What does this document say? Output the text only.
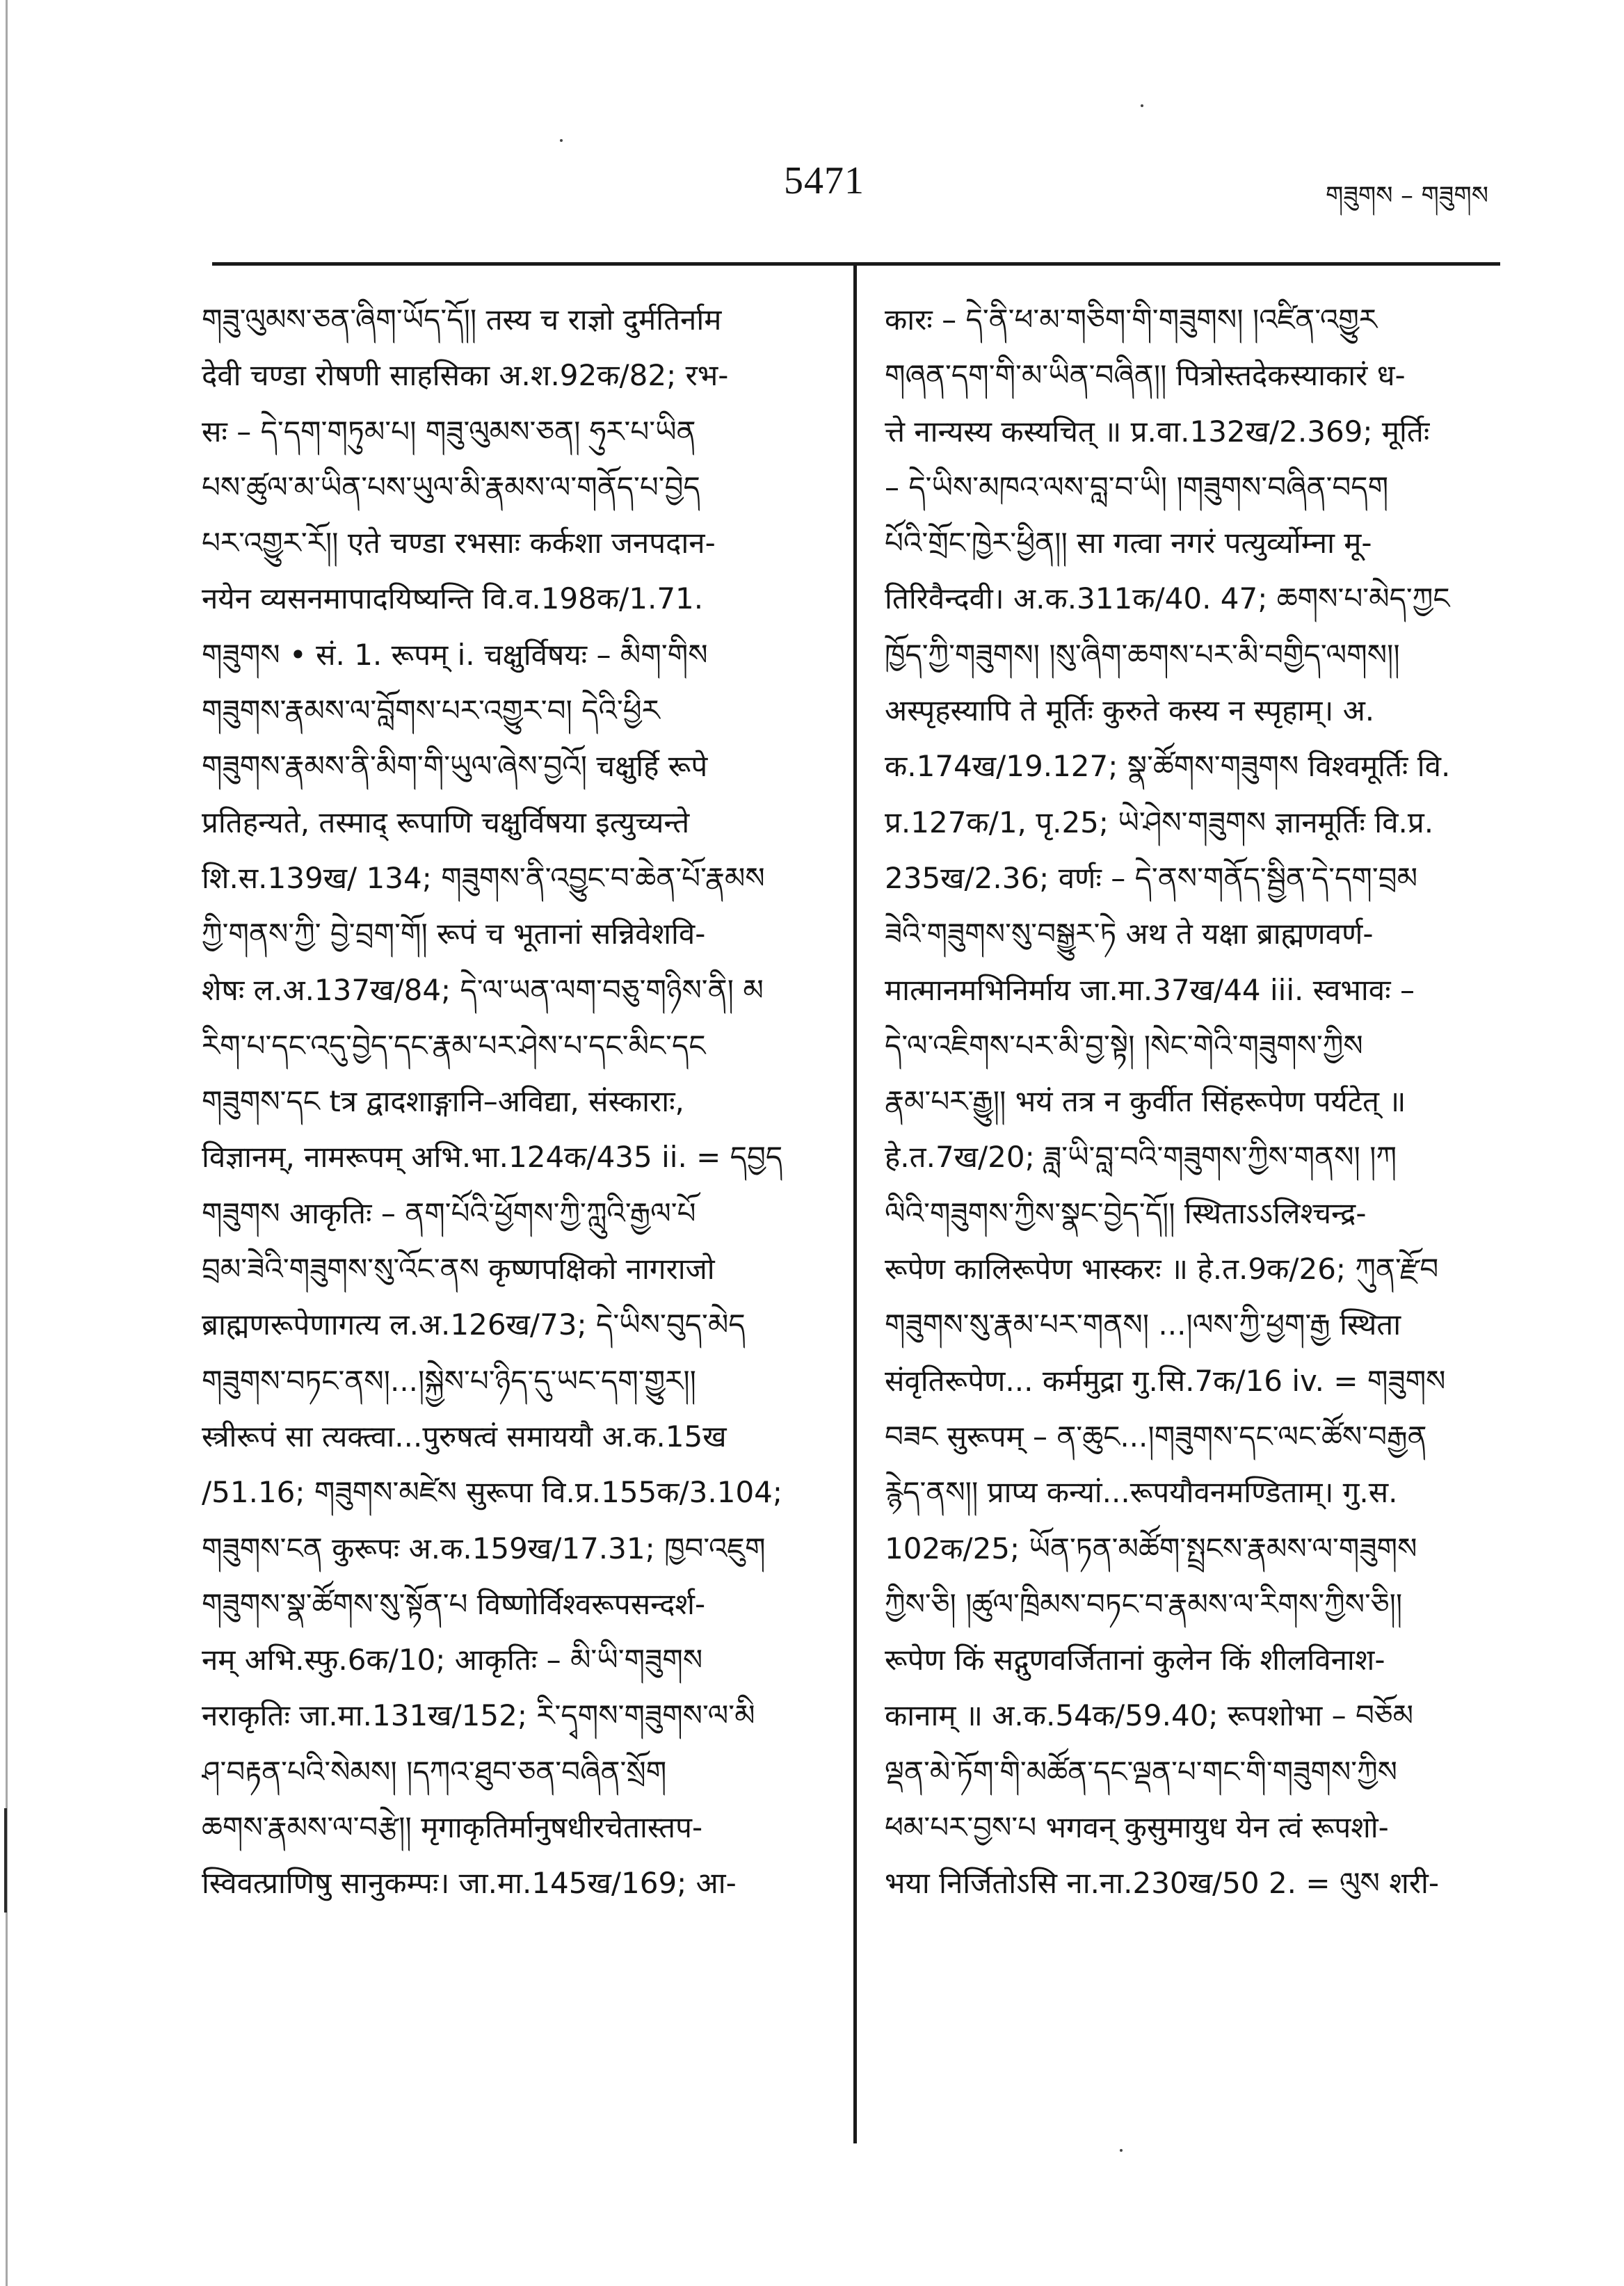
5471	གཟུགས – གཟུགས
གཟུ་ལུམས་ཅན་ཞིག་ཡོད་དོ།། तस्य च राज्ञो दुर्मतिर्नाम
देवी चण्डा रोषणी साहसिका अ.श.92क/82; रभ-
सः – དེ་དག་གཏུམ་པ། གཟུ་ལུམས་ཅན། ཧུར་པ་ཡིན
པས་ཚུལ་མ་ཡིན་པས་ཡུལ་མི་རྣམས་ལ་གནོད་པ་བྱེད
པར་འགྱུར་རོ།། एते चण्डा रभसाः कर्कशा जनपदान-
नयेन व्यसनमापादयिष्यन्ति वि.व.198क/1.71.
གཟུགས • सं. 1. रूपम् i. चक्षुर्विषयः – མིག་གིས
གཟུགས་རྣམས་ལ་བློགས་པར་འགྱུར་བ། དེའི་ཕྱིར
གཟུགས་རྣམས་ནི་མིག་གི་ཡུལ་ཞེས་བྱའོ། चक्षुर्हि रूपे
प्रतिहन्यते, तस्माद् रूपाणि चक्षुर्विषया इत्युच्यन्ते
शि.स.139ख/ 134; གཟུགས་ནི་འབྱུང་བ་ཆེན་པོ་རྣམས
ཀྱི་གནས་ཀྱི་ བྱེ་བྲག་གོ། रूपं च भूतानां सन्निवेशवि-
शेषः ल.अ.137ख/84; དེ་ལ་ཡན་ལག་བཅུ་གཉིས་ནི། མ
རིག་པ་དང་འདུ་བྱེད་དང་རྣམ་པར་ཤེས་པ་དང་མིང་དང
གཟུགས་དང tत्र द्वादशाङ्गानि–अविद्या, संस्काराः,
विज्ञानम्, नामरूपम् अभि.भा.124क/435 ii. = དབྱད
གཟུགས आकृतिः – ནག་པོའི་ཕྱོགས་ཀྱི་ཀླུའི་རྒྱལ་པོ
བྲམ་ཟེའི་གཟུགས་སུ་འོང་ནས कृष्णपक्षिको नागराजो
ब्राह्मणरूपेणागत्य ल.अ.126ख/73; དེ་ཡིས་བུད་མེད
གཟུགས་བཏང་ནས།...།སྐྱེས་པ་ཉིད་དུ་ཡང་དག་གྱུར།།
स्त्रीरूपं सा त्यक्त्वा...पुरुषत्वं समाययौ अ.क.15ख
/51.16; གཟུགས་མཛེས सुरूपा वि.प्र.155क/3.104;
གཟུགས་ངན कुरूपः अ.क.159ख/17.31; ཁྱབ་འཇུག
གཟུགས་སྣ་ཚོགས་སུ་སྟོན་པ विष्णोर्विश्वरूपसन्दर्श-
नम् अभि.स्फु.6क/10; आकृतिः – མི་ཡི་གཟུགས
नराकृतिः जा.मा.131ख/152; རི་དྭགས་གཟུགས་ལ་མི
ཤ་བརྟན་པའི་སེམས། །དཀའ་ཐུབ་ཅན་བཞིན་སྲོག
ཆགས་རྣམས་ལ་བརྩེ།། मृगाकृतिर्मानुषधीरचेतास्तप-
स्विवत्प्राणिषु सानुकम्पः। जा.मा.145ख/169; आ-
कारः – དེ་ནི་ཕ་མ་གཅིག་གི་གཟུགས། །འཛིན་འགྱུར
གཞན་དག་གི་མ་ཡིན་བཞིན།། पित्रोस्तदेकस्याकारं ध-
त्ते नान्यस्य कस्यचित् ॥ प्र.वा.132ख/2.369; मूर्तिः
– དེ་ཡིས་མཁའ་ལས་བླ་བ་ཡི། །གཟུགས་བཞིན་བདག
པོའི་གྲོང་ཁྱེར་ཕྱིན།། सा गत्वा नगरं पत्युर्व्योम्ना मू-
तिरिवैन्दवी। अ.क.311क/40. 47; ཆགས་པ་མེད་ཀྱང
ཁྱོད་ཀྱི་གཟུགས། །སུ་ཞིག་ཆགས་པར་མི་བགྱིད་ལགས།།
अस्पृहस्यापि ते मूर्तिः कुरुते कस्य न स्पृहाम्। अ.
क.174ख/19.127; སྣ་ཚོགས་གཟུགས विश्वमूर्तिः वि.
प्र.127क/1, पृ.25; ཡེ་ཤེས་གཟུགས ज्ञानमूर्तिः वि.प्र.
235ख/2.36; वर्णः – དེ་ནས་གནོད་སྦྱིན་དེ་དག་བྲམ
ཟེའི་གཟུགས་སུ་བསྒྱུར་ཏེ अथ ते यक्षा ब्राह्मणवर्ण-
मात्मानमभिनिर्माय जा.मा.37ख/44 iii. स्वभावः –
དེ་ལ་འཇིགས་པར་མི་བྱ་སྟེ། །སེང་གེའི་གཟུགས་ཀྱིས
རྣམ་པར་རྒྱུ།། भयं तत्र न कुर्वीत सिंहरूपेण पर्यटेत् ॥
हे.त.7ख/20; ཟླ་ཡི་བླ་བའི་གཟུགས་ཀྱིས་གནས། །ཀ
ལིའི་གཟུགས་ཀྱིས་སྣང་བྱེད་དོ།། स्थिताऽऽलिश्चन्द्र-
रूपेण कालिरूपेण भास्करः ॥ हे.त.9क/26; ཀུན་རྫོབ
གཟུགས་སུ་རྣམ་པར་གནས། ...།ལས་ཀྱི་ཕྱག་རྒྱ स्थिता
संवृतिरूपेण... कर्ममुद्रा गु.सि.7क/16 iv. = གཟུགས
བཟང सुरूपम् – ན་ཆུང...།གཟུགས་དང་ལང་ཚོས་བརྒྱན
རྙེད་ནས།། प्राप्य कन्यां...रूपयौवनमण्डिताम्। गु.स.
102क/25; ཡོན་ཏན་མཚོག་སྤྲངས་རྣམས་ལ་གཟུགས
ཀྱིས་ཅི། །ཚུལ་ཁྲིམས་བཏང་བ་རྣམས་ལ་རིགས་ཀྱིས་ཅི།།
रूपेण किं सद्गुणवर्जितानां कुलेन किं शीलविनाश-
कानाम् ॥ अ.क.54क/59.40; रूपशोभा – བཅོམ
ལྡན་མེ་ཏོག་གི་མཚོན་དང་ལྡན་པ་གང་གི་གཟུགས་ཀྱིས
ཕམ་པར་བྱས་པ भगवन् कुसुमायुध येन त्वं रूपशो-
भया निर्जितोऽसि ना.ना.230ख/50 2. = ལུས शरी-
